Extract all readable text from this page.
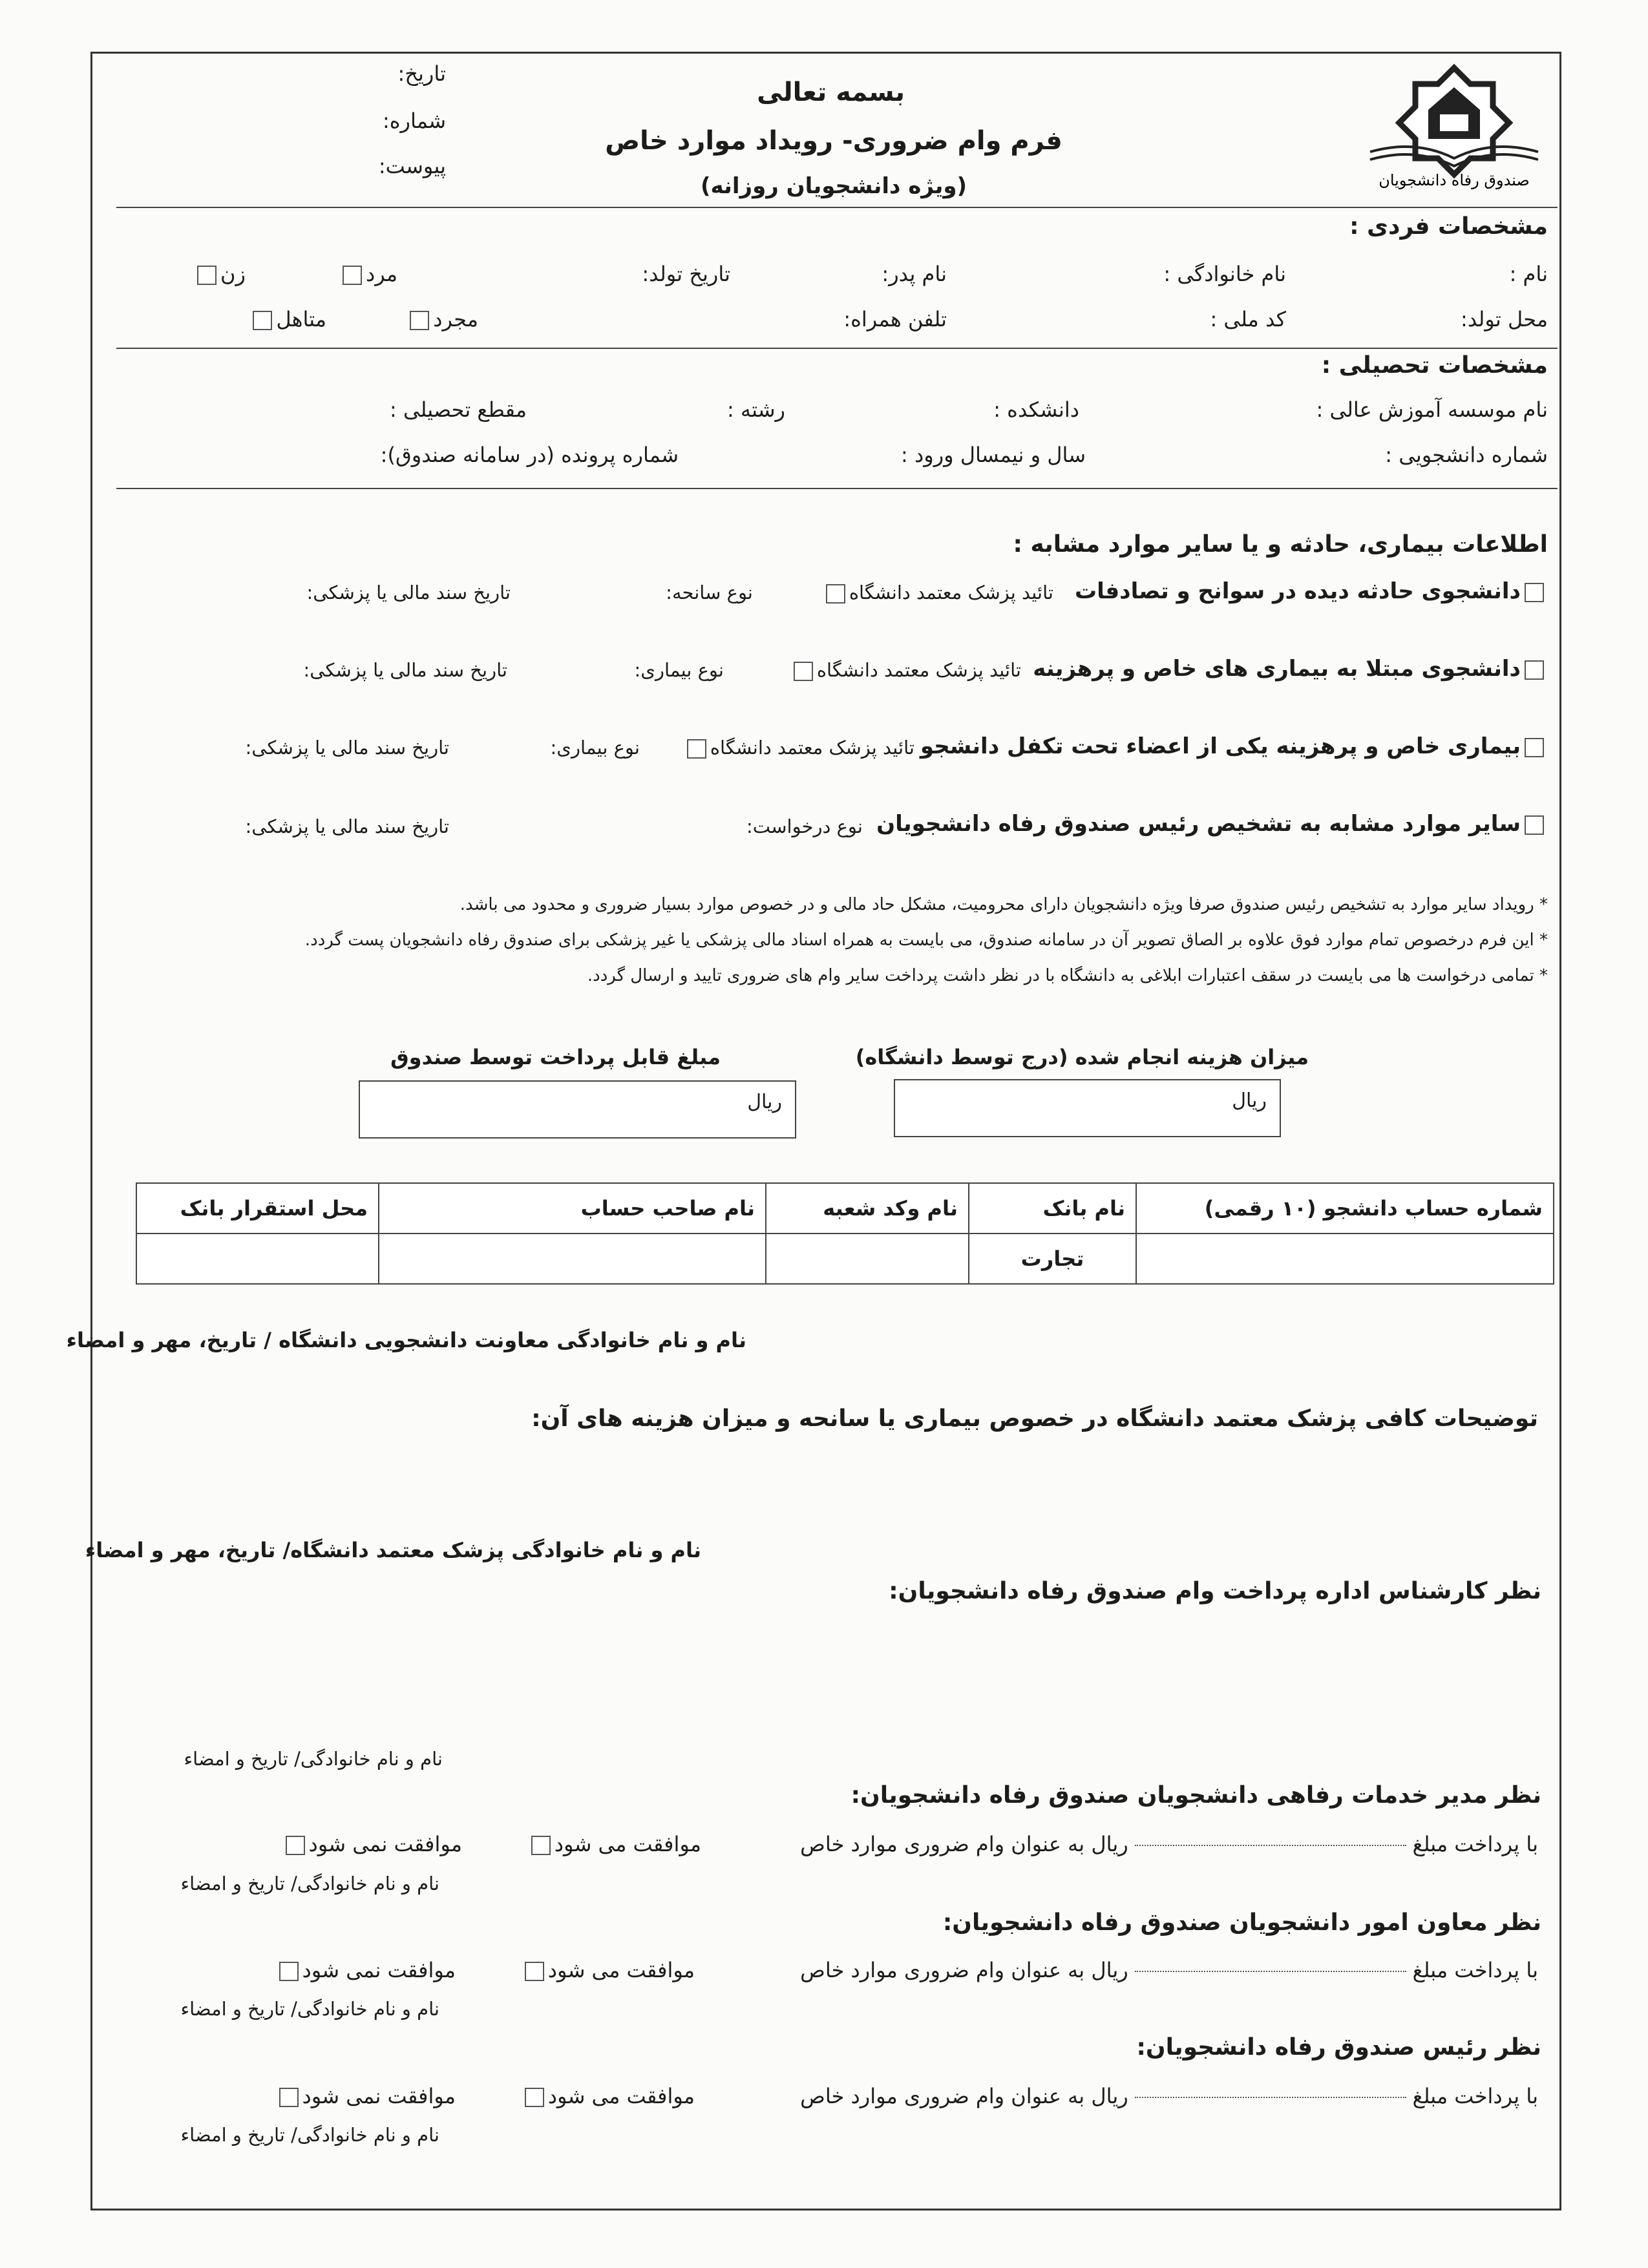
صندوق رفاه دانشجویان
بسمه تعالی
فرم وام ضروری- رویداد موارد خاص
(ویژه دانشجویان روزانه)
تاریخ:
شماره:
پیوست:
مشخصات فردی :
نام :
نام خانوادگی :
نام پدر:
تاریخ تولد:
مرد
زن
محل تولد:
کد ملی :
تلفن همراه:
مجرد
متاهل
مشخصات تحصیلی :
نام موسسه آموزش عالی :
دانشکده :
رشته :
مقطع تحصیلی :
شماره دانشجویی :
سال و نیمسال ورود :
شماره پرونده (در سامانه صندوق):
اطلاعات بیماری، حادثه و یا سایر موارد مشابه :
دانشجوی حادثه دیده در سوانح و تصادفات
تائید پزشک معتمد دانشگاه
نوع سانحه:
تاریخ سند مالی یا پزشکی:
دانشجوی مبتلا به بیماری های خاص و پرهزینه
تائید پزشک معتمد دانشگاه
نوع بیماری:
تاریخ سند مالی یا پزشکی:
بیماری خاص و پرهزینه یکی از اعضاء تحت تکفل دانشجو
تائید پزشک معتمد دانشگاه
نوع بیماری:
تاریخ سند مالی یا پزشکی:
سایر موارد مشابه به تشخیص رئیس صندوق رفاه دانشجویان
نوع درخواست:
تاریخ سند مالی یا پزشکی:
* رویداد سایر موارد به تشخیص رئیس صندوق صرفا ویژه دانشجویان دارای محرومیت، مشکل حاد مالی و در خصوص موارد بسیار ضروری و محدود می باشد.
* این فرم درخصوص تمام موارد فوق علاوه بر الصاق تصویر آن در سامانه صندوق، می بایست به همراه اسناد مالی پزشکی یا غیر پزشکی برای صندوق رفاه دانشجویان پست گردد.
* تمامی درخواست ها می بایست در سقف اعتبارات ابلاغی به دانشگاه با در نظر داشت پرداخت سایر وام های ضروری تایید و ارسال گردد.
میزان هزینه انجام شده (درج توسط دانشگاه)
مبلغ قابل پرداخت توسط صندوق
ریال
ریال
شماره حساب دانشجو (۱۰ رقمی)	نام بانک	نام وکد شعبه	نام صاحب حساب	محل استقرار بانک
	تجارت			
نام و نام خانوادگی معاونت دانشجویی دانشگاه / تاریخ، مهر و امضاء
توضیحات کافی پزشک معتمد دانشگاه در خصوص بیماری یا سانحه و میزان هزینه های آن:
نام و نام خانوادگی پزشک معتمد دانشگاه/ تاریخ، مهر و امضاء
نظر کارشناس اداره پرداخت وام صندوق رفاه دانشجویان:
نام و نام خانوادگی/ تاریخ و امضاء
نظر مدیر خدمات رفاهی دانشجویان صندوق رفاه دانشجویان:
با پرداخت مبلغریال به عنوان وام ضروری موارد خاص
موافقت می شود
موافقت نمی شود
نام و نام خانوادگی/ تاریخ و امضاء
نظر معاون امور دانشجویان صندوق رفاه دانشجویان:
با پرداخت مبلغریال به عنوان وام ضروری موارد خاص
موافقت می شود
موافقت نمی شود
نام و نام خانوادگی/ تاریخ و امضاء
نظر رئیس صندوق رفاه دانشجویان:
با پرداخت مبلغریال به عنوان وام ضروری موارد خاص
موافقت می شود
موافقت نمی شود
نام و نام خانوادگی/ تاریخ و امضاء
